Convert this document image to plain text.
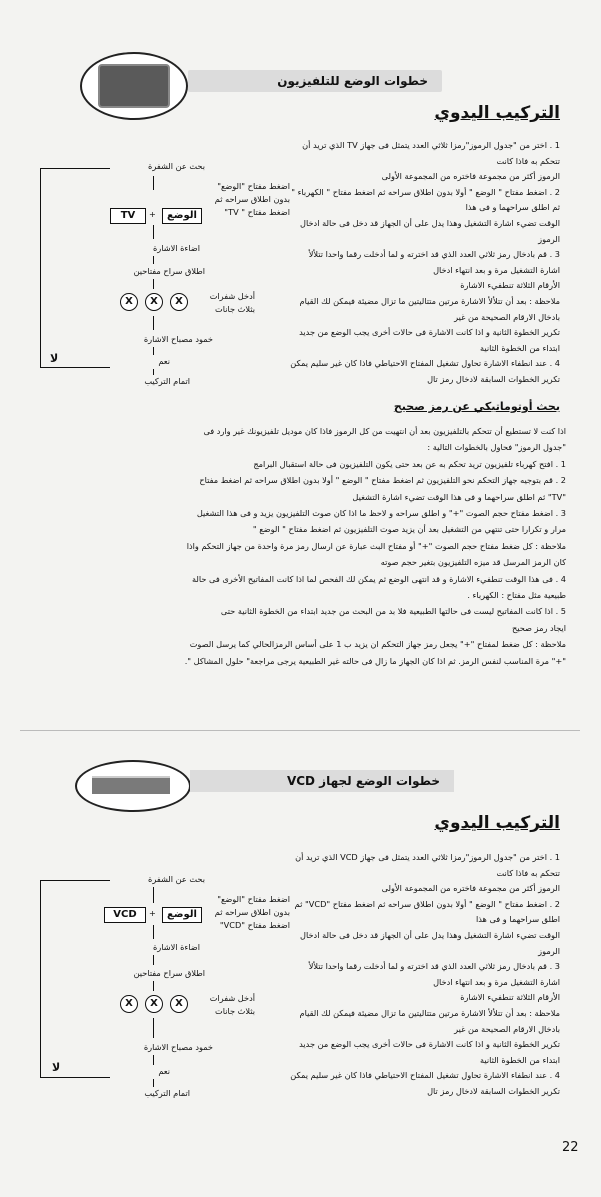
خطوات الوضع للتلفيزيون
التركيب اليدوي

1 . اختر من "جدول الرموز"رمزا ثلاثي العدد يتمثل فى جهاز TV الذي تريد أن تتحكم به فاذا كانت

الرموز أكثر من مجموعة فاختره من المجموعة الأولى

2 . اضغط مفتاح " الوضع " أولا بدون اطلاق سراحه ثم اضغط مفتاح " الكهرباء " ثم اطلق سراحهما و فى هذا

الوقت تضيء اشارة التشغيل وهذا يدل على أن الجهاز قد دخل فى حالة ادخال الرموز

3 . قم بادخال رمز ثلاثي العدد الذي قد اخترته و لما أدخلت رقما واحدا تتلألأ اشارة التشغيل مرة و بعد انتهاء ادخال

الأرقام الثلاثة تنطفيء الاشارة

ملاحظة : بعد أن تتلألأ الاشارة مرتين متتاليتين ما تزال مضيئة فيمكن لك القيام بادخال الارقام الصحيحة من غير

تكرير الخطوة الثانية و اذا كانت الاشارة فى حالات أخرى يجب الوضع من جديد ابتداء من الخطوة الثانية

4 . عند انطفاء الاشارة تحاول تشغيل المفتاح الاحتياطي فاذا كان غير سليم يمكن تكرير الخطوات السابقة لادخال رمز تال

بحث عن الشفرة
اضغط مفتاح "الوضع"
بدون اطلاق سراحه ثم
اضغط مفتاح " TV"
TV	+	الوضع
اضاءة الاشارة
اطلاق سراح مفتاحين
X	X	X	أدخل شفرات
بثلاث جانات
خمود مصباح الاشارة
لا	نعم
اتمام التركيب
بحث أوتوماتيكي عن رمز صحيح

اذا كنت لا تستطيع أن تتحكم بالتلفيزيون بعد أن انتهيت من كل الرموز فاذا كان موديل تلفيزيونك غير وارد فى

"جدول الرموز" فحاول بالخطوات التالية :

1 . افتح كهرباء تلفيزيون تريد تحكم به عن بعد حتى يكون التلفيزيون فى حالة استقبال البرامج

2 . قم بتوجيه جهاز التحكم نحو التلفيزيون ثم اضغط مفتاح " الوضع " أولا بدون اطلاق سراحه ثم اضغط مفتاح

"TV" ثم اطلق سراحهما و فى هذا الوقت تضيء اشارة التشغيل

3 . اضغط مفتاح حجم الصوت "+" و اطلق سراحه و لاحظ ما اذا كان صوت التلفيزيون يزيد و فى هذا التشغيل

مرار و تكرارا حتى تنتهي من التشغيل بعد أن يزيد صوت التلفيزيون ثم اضغط مفتاح " الوضع "

ملاحظة : كل ضغط مفتاح حجم الصوت "+" أو مفتاح البث عبارة عن ارسال رمز مرة واحدة من جهاز التحكم واذا

كان الرمز المرسل قد ميزه التلفيزيون بتغير حجم صوته

4 . فى هذا الوقت تنطفيء الاشارة و قد انتهى الوضع ثم يمكن لك الفحص لما اذا كانت المفاتيح الأخرى فى حالة

طبيعية مثل مفتاح : الكهرباء .

5 . اذا كانت المفاتيح ليست فى حالتها الطبيعية فلا بد من البحث من جديد ابتداء من الخطوة الثانية حتى

ايجاد رمز صحيح

ملاحظة : كل ضغط لمفتاح "+" يجعل رمز جهاز التحكم ان يزيد ب 1 على أساس الرمزالحالي كما يرسل الصوت

"+" مرة المناسب لنفس الرمز. ثم اذا كان الجهاز ما زال فى حالته غير الطبيعية يرجى مراجعة" حلول المشاكل ".

خطوات الوضع لجهاز VCD
التركيب اليدوي

1 . اختر من "جدول الرموز"رمزا ثلاثي العدد يتمثل فى جهاز VCD الذي تريد أن تتحكم به فاذا كانت

الرموز أكثر من مجموعة فاختره من المجموعة الأولى

2 . اضغط مفتاح " الوضع " أولا بدون اطلاق سراحه ثم اضغط مفتاح "VCD" ثم اطلق سراحهما و فى هذا

الوقت تضيء اشارة التشغيل وهذا يدل على أن الجهاز قد دخل فى حالة ادخال الرموز

3 . قم بادخال رمز ثلاثي العدد الذي قد اخترته و لما أدخلت رقما واحدا تتلألأ اشارة التشغيل مرة و بعد انتهاء ادخال

الأرقام الثلاثة تنطفيء الاشارة

ملاحظة : بعد أن تتلألأ الاشارة مرتين متتاليتين ما تزال مضيئة فيمكن لك القيام بادخال الارقام الصحيحة من غير

تكرير الخطوة الثانية و اذا كانت الاشارة فى حالات أخرى يجب الوضع من جديد ابتداء من الخطوة الثانية

4 . عند انطفاء الاشارة تحاول تشغيل المفتاح الاحتياطي فاذا كان غير سليم يمكن تكرير الخطوات السابقة لادخال رمز تال

بحث عن الشفرة
اضغط مفتاح "الوضع"
بدون اطلاق سراحه ثم
اضغط مفتاح "VCD"
VCD	+	الوضع
اضاءة الاشارة
اطلاق سراح مفتاحين
X	X	X	أدخل شفرات
بثلاث جانات
خمود مصباح الاشارة
لا	نعم
اتمام التركيب
22
